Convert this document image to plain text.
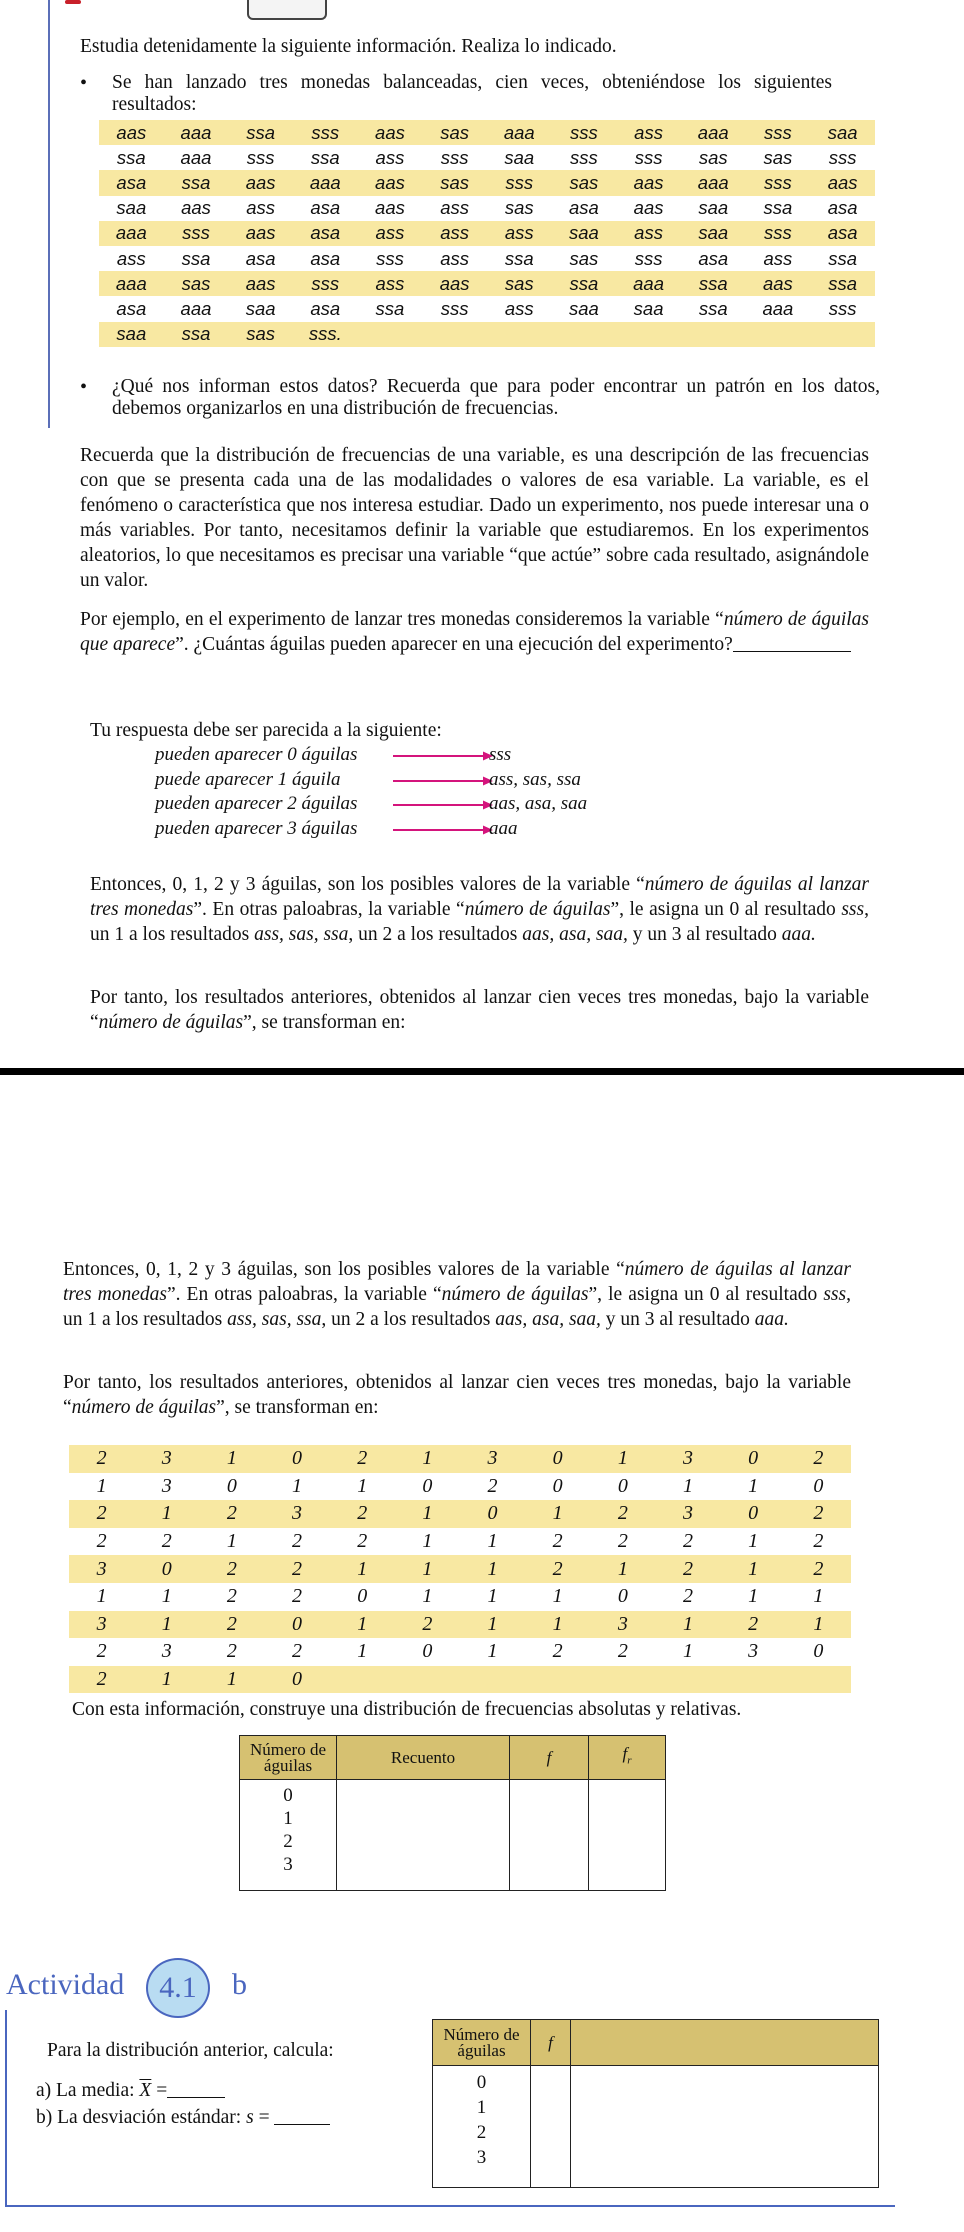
Estudia detenidamente la siguiente información. Realiza lo indicado.

• Se han lanzado tres monedas balanceadas, cien veces, obteniéndose los siguientes resultados:

aas	aaa	ssa	sss	aas	sas	aaa	sss	ass	aaa	sss	saa
ssa	aaa	sss	ssa	ass	sss	saa	sss	sss	sas	sas	sss
asa	ssa	aas	aaa	aas	sas	sss	sas	aas	aaa	sss	aas
saa	aas	ass	asa	aas	ass	sas	asa	aas	saa	ssa	asa
aaa	sss	aas	asa	ass	ass	ass	saa	ass	saa	sss	asa
ass	ssa	asa	asa	sss	ass	ssa	sas	sss	asa	ass	ssa
aaa	sas	aas	sss	ass	aas	sas	ssa	aaa	ssa	aas	ssa
asa	aaa	saa	asa	ssa	sss	ass	saa	saa	ssa	aaa	sss
saa	ssa	sas	sss.								
• ¿Qué nos informan estos datos? Recuerda que para poder encontrar un patrón en los datos, debemos organizarlos en una distribución de frecuencias.

Recuerda que la distribución de frecuencias de una variable, es una descripción de las frecuencias con que se presenta cada una de las modalidades o valores de esa variable. La variable, es el fenómeno o característica que nos interesa estudiar. Dado un experimento, nos puede interesar una o más variables. Por tanto, necesitamos definir la variable que estudiaremos. En los experimentos aleatorios, lo que necesitamos es precisar una variable “que actúe” sobre cada resultado, asignándole un valor.

Por ejemplo, en el experimento de lanzar tres monedas consideremos la variable “número de águilas que aparece”. ¿Cuántas águilas pueden aparecer en una ejecución del experimento?

Tu respuesta debe ser parecida a la siguiente:

pueden aparecer 0 águilas	sss
puede aparecer 1 águila	ass, sas, ssa
pueden aparecer 2 águilas	aas, asa, saa
pueden aparecer 3 águilas	aaa

Entonces, 0, 1, 2 y 3 águilas, son los posibles valores de la variable “número de águilas al lanzar tres monedas”. En otras paloabras, la variable “número de águilas”, le asigna un 0 al resultado sss, un 1 a los resultados ass, sas, ssa, un 2 a los resultados aas, asa, saa, y un 3 al resultado aaa.

Por tanto, los resultados anteriores, obtenidos al lanzar cien veces tres monedas, bajo la variable “número de águilas”, se transforman en:

Entonces, 0, 1, 2 y 3 águilas, son los posibles valores de la variable “número de águilas al lanzar tres monedas”. En otras paloabras, la variable “número de águilas”, le asigna un 0 al resultado sss, un 1 a los resultados ass, sas, ssa, un 2 a los resultados aas, asa, saa, y un 3 al resultado aaa.

Por tanto, los resultados anteriores, obtenidos al lanzar cien veces tres monedas, bajo la variable “número de águilas”, se transforman en:

2	3	1	0	2	1	3	0	1	3	0	2
1	3	0	1	1	0	2	0	0	1	1	0
2	1	2	3	2	1	0	1	2	3	0	2
2	2	1	2	2	1	1	2	2	2	1	2
3	0	2	2	1	1	1	2	1	2	1	2
1	1	2	2	0	1	1	1	0	2	1	1
3	1	2	0	1	2	1	1	3	1	2	1
2	3	2	2	1	0	1	2	2	1	3	0
2	1	1	0								

Con esta información, construye una distribución de frecuencias absolutas y relativas.

Número de águilas	Recuento	f	$f_r$

0
1
2
3			

Actividad	4.1	b

Para la distribución anterior, calcula:

a) La media: $\overline{X}$ =

b) La desviación estándar: s =

Número de águilas	f	

0
1
2
3		
